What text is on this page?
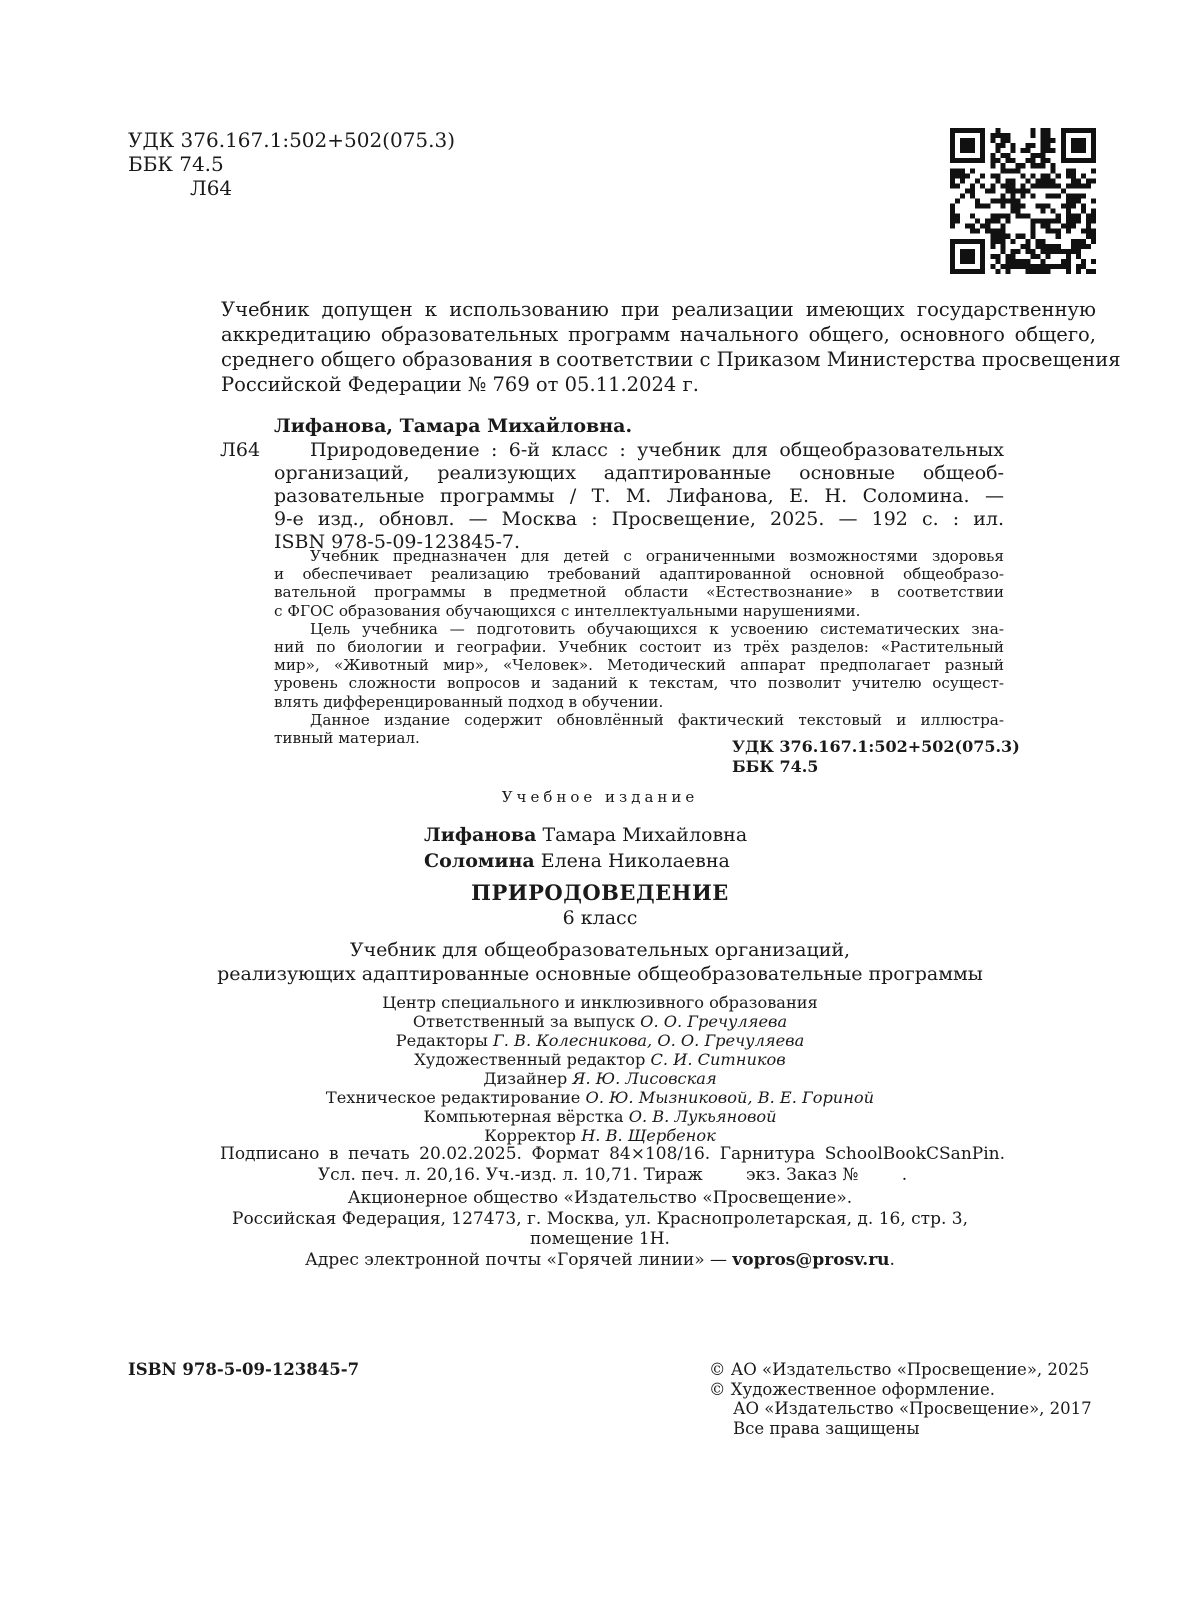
УДК 376.167.1:502+502(075.3)
ББК 74.5
Л64
Учебник допущен к использованию при реализации имеющих государственную
аккредитацию образовательных программ начального общего, основного общего,
среднего общего образования в соответствии с Приказом Министерства просвещения
Российской Федерации № 769 от 05.11.2024 г.
Лифанова, Тамара Михайловна.
Л64	Природоведение : 6-й класс : учебник для общеобразовательных
организаций, реализующих адаптированные основные общеоб-
разовательные программы / Т. М. Лифанова, Е. Н. Соломина. —
9-е изд., обновл. — Москва : Просвещение, 2025. — 192 с. : ил.
ISBN 978-5-09-123845-7.
Учебник предназначен для детей с ограниченными возможностями здоровья
и обеспечивает реализацию требований адаптированной основной общеобразо-
вательной программы в предметной области «Естествознание» в соответствии
с ФГОС образования обучающихся с интеллектуальными нарушениями.
Цель учебника — подготовить обучающихся к усвоению систематических зна-
ний по биологии и географии. Учебник состоит из трёх разделов: «Растительный
мир», «Животный мир», «Человек». Методический аппарат предполагает разный
уровень сложности вопросов и заданий к текстам, что позволит учителю осущест-
влять дифференцированный подход в обучении.
Данное издание содержит обновлённый фактический текстовый и иллюстра-
тивный материал.	УДК 376.167.1:502+502(075.3)
ББК 74.5
Учебное издание
Лифанова Тамара Михайловна
Соломина Елена Николаевна
ПРИРОДОВЕДЕНИЕ
6 класс
Учебник для общеобразовательных организаций,
реализующих адаптированные основные общеобразовательные программы
Центр специального и инклюзивного образования
Ответственный за выпуск О. О. Гречуляева
Редакторы Г. В. Колесникова, О. О. Гречуляева
Художественный редактор С. И. Ситников
Дизайнер Я. Ю. Лисовская
Техническое редактирование О. Ю. Мызниковой, В. Е. Гориной
Компьютерная вёрстка О. В. Лукьяновой
Корректор Н. В. Щербенок
Подписано в печать 20.02.2025. Формат 84×108/16. Гарнитура SchoolBookCSanPin.
Усл. печ. л. 20,16. Уч.-изд. л. 10,71. Тираж        экз. Заказ №        .
Акционерное общество «Издательство «Просвещение».
Российская Федерация, 127473, г. Москва, ул. Краснопролетарская, д. 16, стр. 3,
помещение 1Н.
Адрес электронной почты «Горячей линии» — vopros@prosv.ru.
ISBN 978-5-09-123845-7	© АО «Издательство «Просвещение», 2025
© Художественное оформление.
АО «Издательство «Просвещение», 2017
Все права защищены
